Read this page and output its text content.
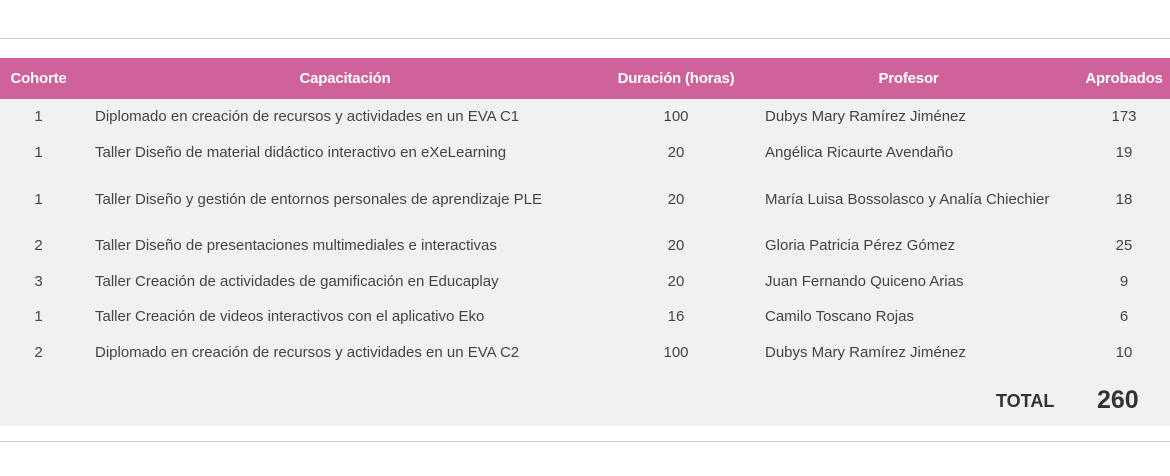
Cohorte	Capacitación	Duración (horas)	Profesor	Aprobados
1	Diplomado en creación de recursos y actividades en un EVA C1	100	Dubys Mary Ramírez Jiménez	173
1	Taller Diseño de material didáctico interactivo en eXeLearning	20	Angélica Ricaurte Avendaño	19
1	Taller Diseño y gestión de entornos personales de aprendizaje PLE	20	María Luisa Bossolasco y Analía Chiechier	18
2	Taller Diseño de presentaciones multimediales e interactivas	20	Gloria Patricia Pérez Gómez	25
3	Taller Creación de actividades de gamificación en Educaplay	20	Juan Fernando Quiceno Arias	9
1	Taller Creación de videos interactivos con el aplicativo Eko	16	Camilo Toscano Rojas	6
2	Diplomado en creación de recursos y actividades en un EVA C2	100	Dubys Mary Ramírez Jiménez	10
TOTAL 260
